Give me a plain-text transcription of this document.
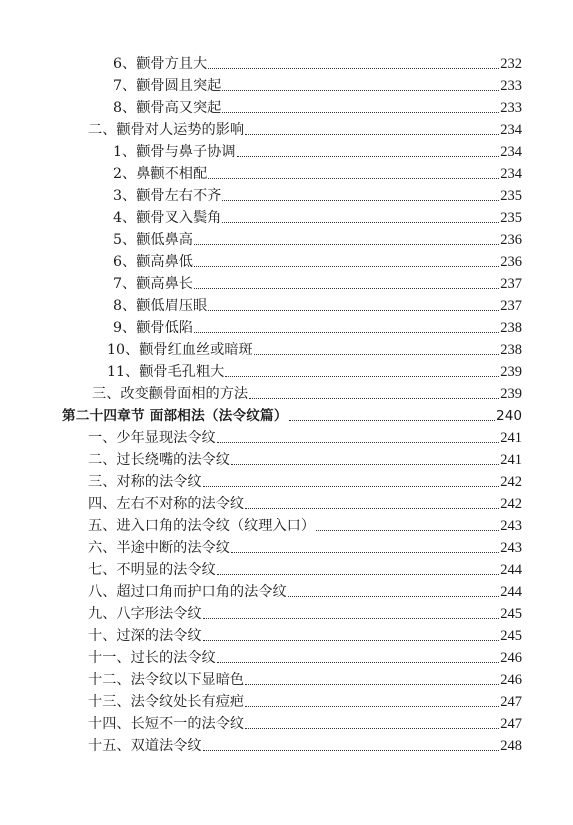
6、颧骨方且大	232
7、颧骨圆且突起	233
8、颧骨高又突起	233
二、颧骨对人运势的影响	234
1、颧骨与鼻子协调	234
2、鼻颧不相配	234
3、颧骨左右不齐	235
4、颧骨叉入鬓角	235
5、颧低鼻高	236
6、颧高鼻低	236
7、颧高鼻长	237
8、颧低眉压眼	237
9、颧骨低陷	238
10、颧骨红血丝或暗斑	238
11、颧骨毛孔粗大	239
三、改变颧骨面相的方法	239
第二十四章节 面部相法（法令纹篇）	240
一、少年显现法令纹	241
二、过长绕嘴的法令纹	241
三、对称的法令纹	242
四、左右不对称的法令纹	242
五、进入口角的法令纹（纹理入口）	243
六、半途中断的法令纹	243
七、不明显的法令纹	244
八、超过口角而护口角的法令纹	244
九、八字形法令纹	245
十、过深的法令纹	245
十一、过长的法令纹	246
十二、法令纹以下显暗色	246
十三、法令纹处长有痘疤	247
十四、长短不一的法令纹	247
十五、双道法令纹	248
